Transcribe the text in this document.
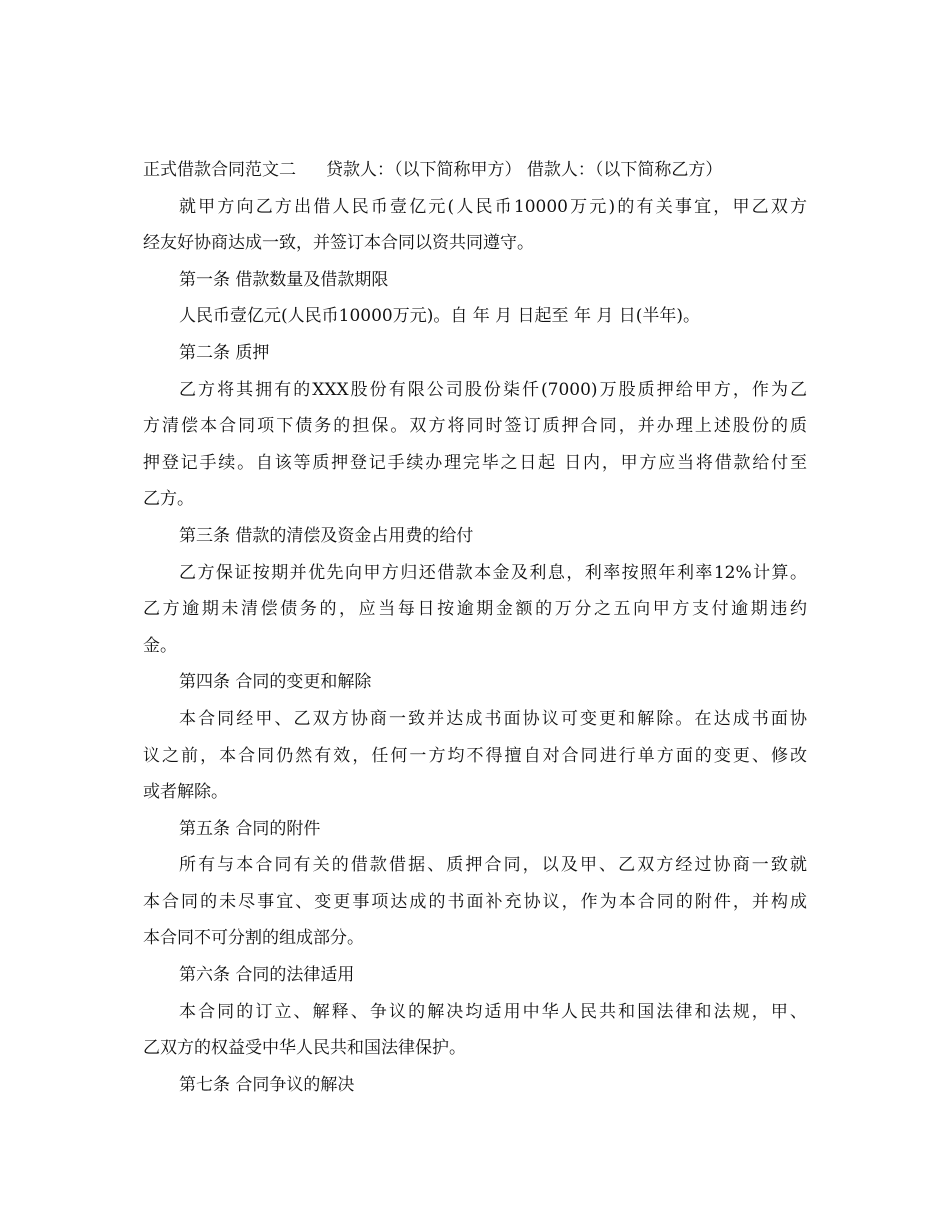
正式借款合同范文二 贷款人：（以下简称甲方） 借款人：（以下简称乙方）
就甲方向乙方出借人民币壹亿元(人民币10000万元)的有关事宜，甲乙双方
经友好协商达成一致，并签订本合同以资共同遵守。
第一条 借款数量及借款期限
人民币壹亿元(人民币10000万元)。自 年 月 日起至 年 月 日(半年)。
第二条 质押
乙方将其拥有的XXX股份有限公司股份柒仟(7000)万股质押给甲方，作为乙
方清偿本合同项下债务的担保。双方将同时签订质押合同，并办理上述股份的质
押登记手续。自该等质押登记手续办理完毕之日起 日内，甲方应当将借款给付至
乙方。
第三条 借款的清偿及资金占用费的给付
乙方保证按期并优先向甲方归还借款本金及利息，利率按照年利率12%计算。
乙方逾期未清偿债务的，应当每日按逾期金额的万分之五向甲方支付逾期违约
金。
第四条 合同的变更和解除
本合同经甲、乙双方协商一致并达成书面协议可变更和解除。在达成书面协
议之前，本合同仍然有效，任何一方均不得擅自对合同进行单方面的变更、修改
或者解除。
第五条 合同的附件
所有与本合同有关的借款借据、质押合同，以及甲、乙双方经过协商一致就
本合同的未尽事宜、变更事项达成的书面补充协议，作为本合同的附件，并构成
本合同不可分割的组成部分。
第六条 合同的法律适用
本合同的订立、解释、争议的解决均适用中华人民共和国法律和法规，甲、
乙双方的权益受中华人民共和国法律保护。
第七条 合同争议的解决
